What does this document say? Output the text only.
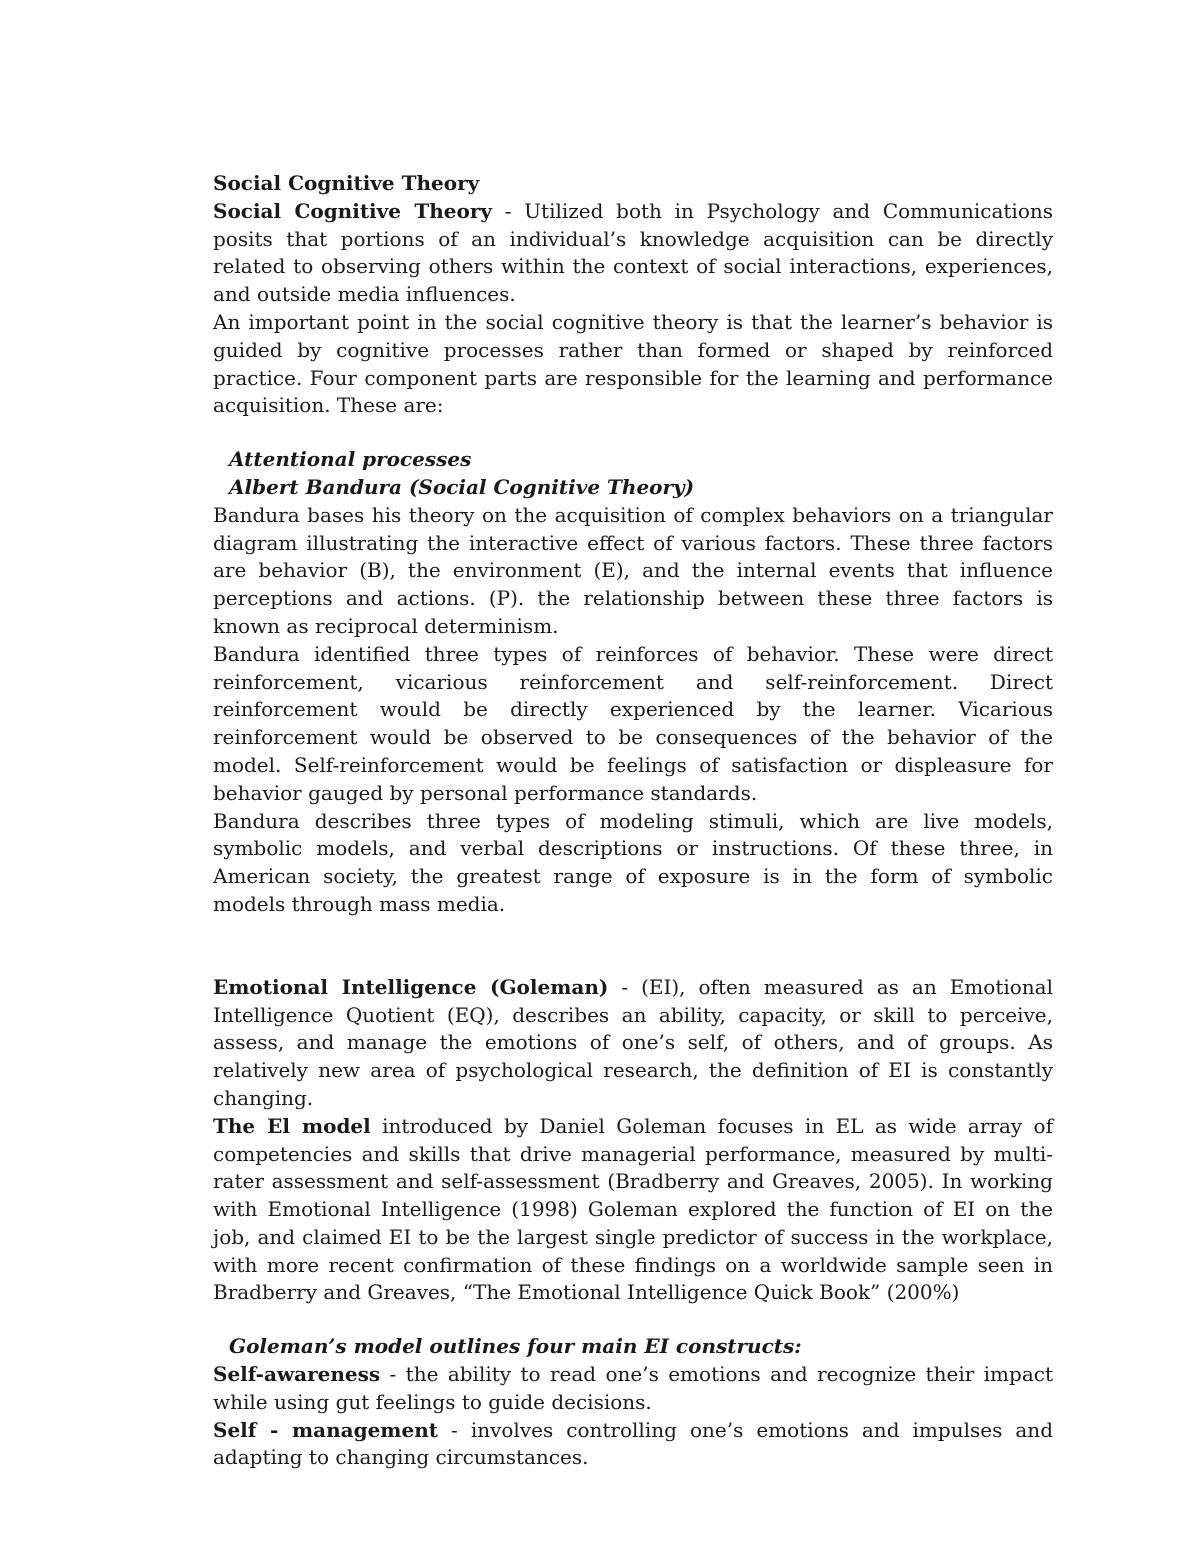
Social Cognitive Theory

Social Cognitive Theory - Utilized both in Psychology and Communications posits that portions of an individual’s knowledge acquisition can be directly related to observing others within the context of social interactions, experiences, and outside media influences.

An important point in the social cognitive theory is that the learner’s behavior is guided by cognitive processes rather than formed or shaped by reinforced practice. Four component parts are responsible for the learning and performance acquisition. These are:

Attentional processes

Albert Bandura (Social Cognitive Theory)

Bandura bases his theory on the acquisition of complex behaviors on a triangular diagram illustrating the interactive effect of various factors. These three factors are behavior (B), the environment (E), and the internal events that influence perceptions and actions. (P). the relationship between these three factors is known as reciprocal determinism.

Bandura identified three types of reinforces of behavior. These were direct reinforcement, vicarious reinforcement and self-reinforcement. Direct reinforcement would be directly experienced by the learner. Vicarious reinforcement would be observed to be consequences of the behavior of the model. Self-reinforcement would be feelings of satisfaction or displeasure for behavior gauged by personal performance standards.

Bandura describes three types of modeling stimuli, which are live models, symbolic models, and verbal descriptions or instructions. Of these three, in American society, the greatest range of exposure is in the form of symbolic models through mass media.

Emotional Intelligence (Goleman) - (EI), often measured as an Emotional Intelligence Quotient (EQ), describes an ability, capacity, or skill to perceive, assess, and manage the emotions of one’s self, of others, and of groups. As relatively new area of psychological research, the definition of EI is constantly changing.

The El model introduced by Daniel Goleman focuses in EL as wide array of competencies and skills that drive managerial performance, measured by multi-rater assessment and self-assessment (Bradberry and Greaves, 2005). In working with Emotional Intelligence (1998) Goleman explored the function of EI on the job, and claimed EI to be the largest single predictor of success in the workplace, with more recent confirmation of these findings on a worldwide sample seen in Bradberry and Greaves, “The Emotional Intelligence Quick Book” (200%)

Goleman’s model outlines four main EI constructs:

Self-awareness - the ability to read one’s emotions and recognize their impact while using gut feelings to guide decisions.

Self - management - involves controlling one’s emotions and impulses and adapting to changing circumstances.
